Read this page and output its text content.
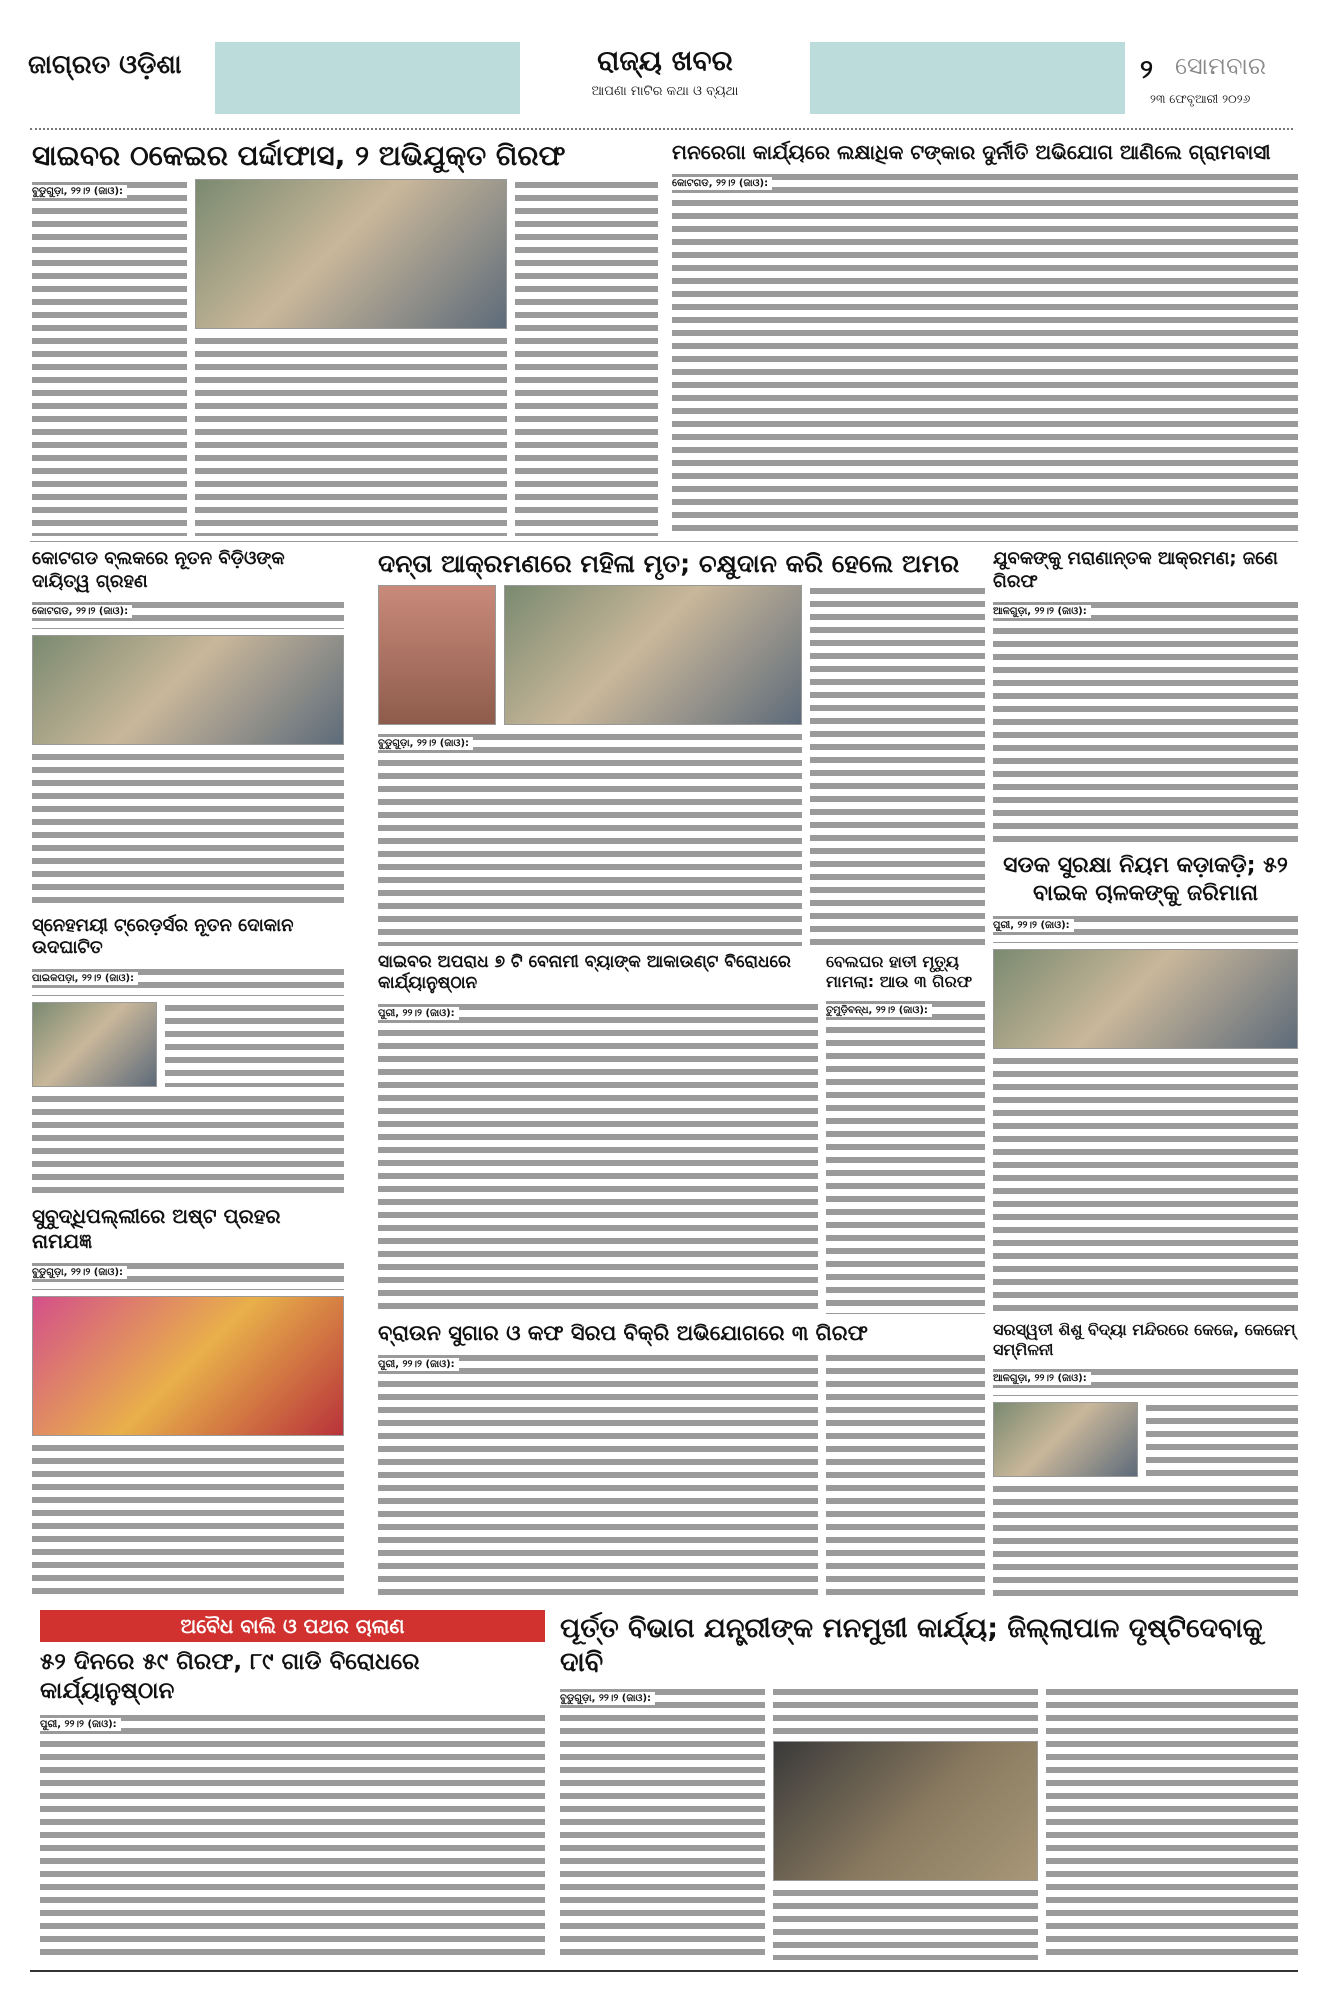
ଜାଗ୍ରତ ଓଡ଼ିଶା	ରାଜ୍ୟ ଖବର
ଆପଣା ମାଟିର କଥା ଓ ବ୍ୟଥା
୨ ସୋମବାର
୨୩ ଫେବୃଆରୀ ୨୦୨୬
ସାଇବର ଠକେଇର ପର୍ଦ୍ଦାଫାସ, ୨ ଅଭିଯୁକ୍ତ ଗିରଫ
ବୁଡୁଗୁଡ଼ା, ୨୨।୨ (ଜାଓ):
ମନରେଗା କାର୍ଯ୍ୟରେ ଲକ୍ଷାଧିକ ଟଙ୍କାର ଦୁର୍ନୀତି ଅଭିଯୋଗ ଆଣିଲେ ଗ୍ରାମବାସୀ
କୋଟଗଡ, ୨୨।୨ (ଜାଓ):
କୋଟଗଡ ବ୍ଲକରେ ନୂତନ ବିଡ଼ିଓଙ୍କ ଦାୟିତ୍ୱ ଗ୍ରହଣ
କୋଟଗଡ, ୨୨।୨ (ଜାଓ):
ସ୍ନେହମୟୀ ଟ୍ରେଡ଼ର୍ସର ନୂତନ ଦୋକାନ ଉଦଘାଟିତ
ପାଇକପଡ଼ା, ୨୨।୨ (ଜାଓ):
ସୁବୁଦ୍ଧିପଲ୍ଲୀରେ ଅଷ୍ଟ ପ୍ରହର ନାମଯଜ୍ଞ
ବୁଡୁଗୁଡ଼ା, ୨୨।୨ (ଜାଓ):
ଦନ୍ତା ଆକ୍ରମଣରେ ମହିଳା ମୃତ; ଚକ୍ଷୁଦାନ କରି ହେଲେ ଅମର
ବୁଡୁଗୁଡ଼ା, ୨୨।୨ (ଜାଓ):
ସାଇବର ଅପରାଧ ୭ ଟି ବେନାମୀ ବ୍ୟାଙ୍କ ଆକାଉଣ୍ଟ ବିରୋଧରେ କାର୍ଯ୍ୟାନୁଷ୍ଠାନ
ପୁରୀ, ୨୨।୨ (ଜାଓ):
ବେଲଘର ହାତୀ ମୃତ୍ୟୁ ମାମଲା: ଆଉ ୩ ଗିରଫ
ତୁମୁଡ଼ିବନ୍ଧ, ୨୨।୨ (ଜାଓ):
ବ୍ରାଉନ ସୁଗାର ଓ କଫ ସିରପ ବିକ୍ରି ଅଭିଯୋଗରେ ୩ ଗିରଫ
ପୁରୀ, ୨୨।୨ (ଜାଓ):
ଯୁବକଙ୍କୁ ମରାଣାନ୍ତକ ଆକ୍ରମଣ; ଜଣେ ଗିରଫ
ଆଳଗୁଡ଼ା, ୨୨।୨ (ଜାଓ):
ସଡକ ସୁରକ୍ଷା ନିୟମ କଡ଼ାକଡ଼ି; ୫୨ ବାଇକ ଚାଳକଙ୍କୁ ଜରିମାନା
ପୁରୀ, ୨୨।୨ (ଜାଓ):
ସରସ୍ୱତୀ ଶିଶୁ ବିଦ୍ୟା ମନ୍ଦିରରେ କେଜେ, କେଜେମ୍ ସମ୍ମିଳନୀ
ଆଳଗୁଡ଼ା, ୨୨।୨ (ଜାଓ):
ଅବୈଧ ବାଲି ଓ ପଥର ଚାଲାଣ
୫୨ ଦିନରେ ୫୯ ଗିରଫ, ୮୯ ଗାଡି ବିରୋଧରେ କାର୍ଯ୍ୟାନୁଷ୍ଠାନ
ପୁରୀ, ୨୨।୨ (ଜାଓ):
ପୂର୍ତ୍ତ ବିଭାଗ ଯନ୍ତ୍ରୀଙ୍କ ମନମୁଖୀ କାର୍ଯ୍ୟ; ଜିଲ୍ଲାପାଳ ଦୃଷ୍ଟିଦେବାକୁ ଦାବି
ବୁଡୁଗୁଡ଼ା, ୨୨।୨ (ଜାଓ):
